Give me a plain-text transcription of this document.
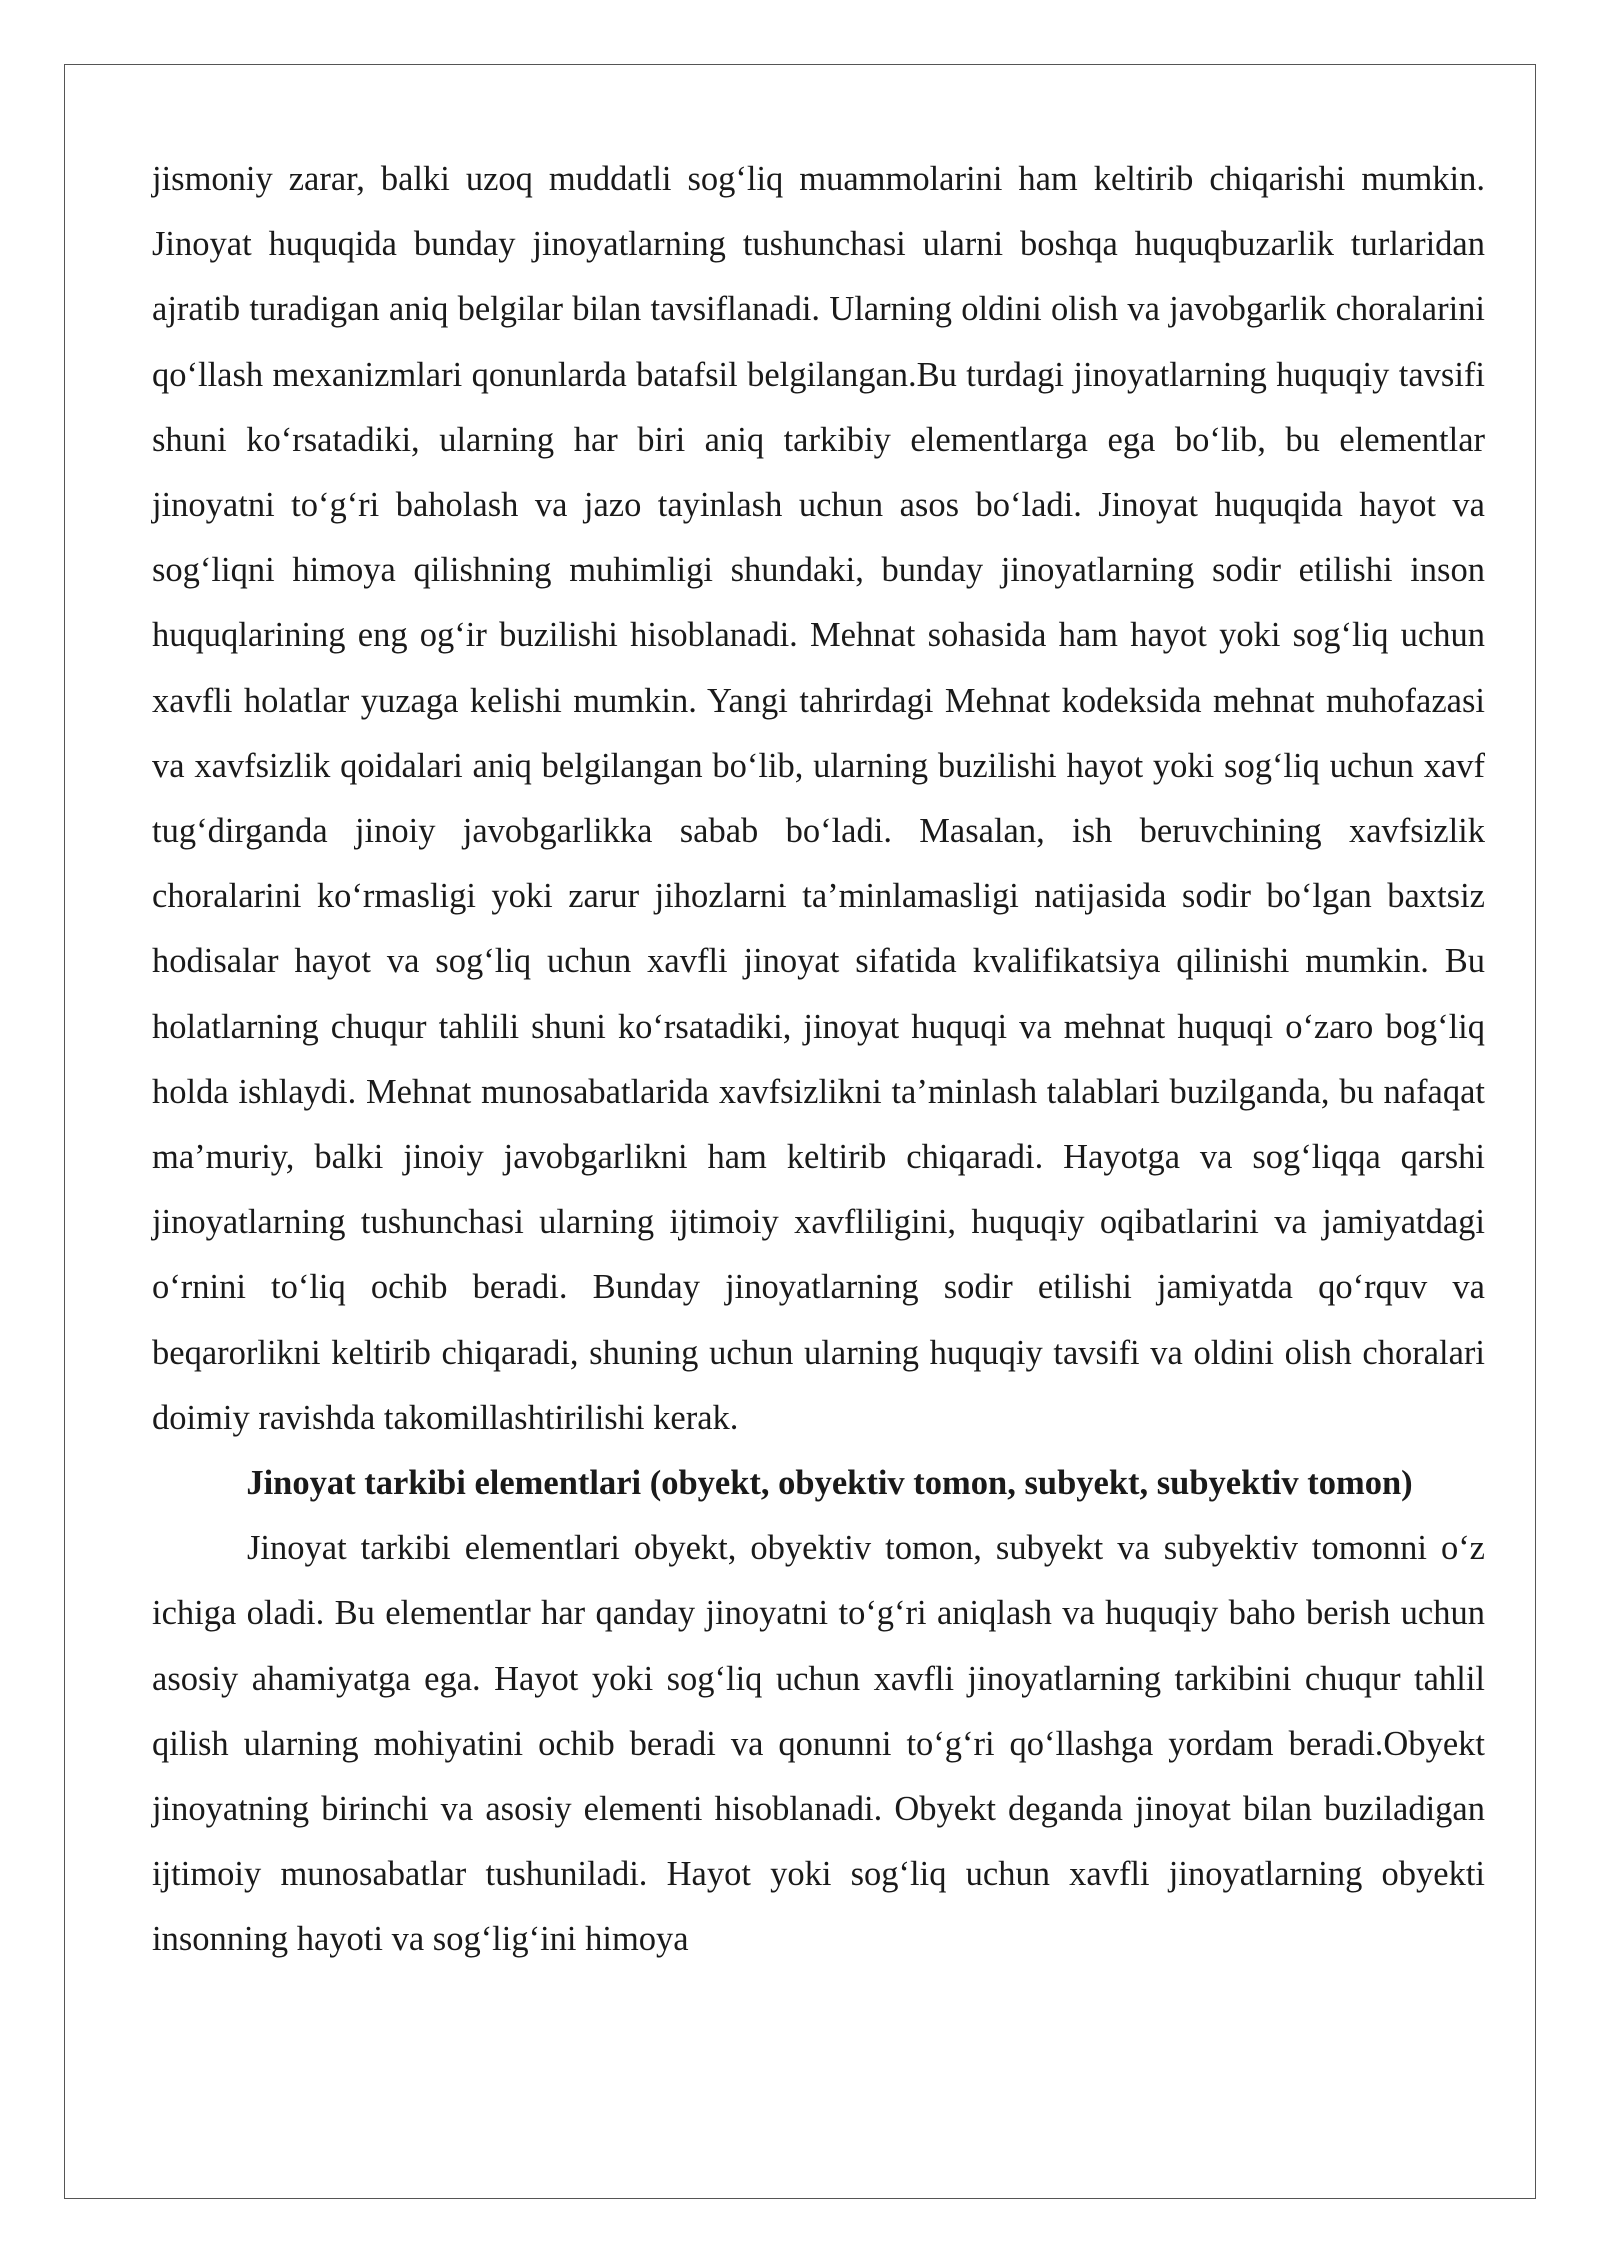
jismoniy zarar, balki uzoq muddatli sog‘liq muammolarini ham keltirib chiqarishi mumkin. Jinoyat huquqida bunday jinoyatlarning tushunchasi ularni boshqa huquqbuzarlik turlaridan ajratib turadigan aniq belgilar bilan tavsiflanadi. Ularning oldini olish va javobgarlik choralarini qo‘llash mexanizmlari qonunlarda batafsil belgilangan.Bu turdagi jinoyatlarning huquqiy tavsifi shuni ko‘rsatadiki, ularning har biri aniq tarkibiy elementlarga ega bo‘lib, bu elementlar jinoyatni to‘g‘ri baholash va jazo tayinlash uchun asos bo‘ladi. Jinoyat huquqida hayot va sog‘liqni himoya qilishning muhimligi shundaki, bunday jinoyatlarning sodir etilishi inson huquqlarining eng og‘ir buzilishi hisoblanadi. Mehnat sohasida ham hayot yoki sog‘liq uchun xavfli holatlar yuzaga kelishi mumkin. Yangi tahrirdagi Mehnat kodeksida mehnat muhofazasi va xavfsizlik qoidalari aniq belgilangan bo‘lib, ularning buzilishi hayot yoki sog‘liq uchun xavf tug‘dirganda jinoiy javobgarlikka sabab bo‘ladi. Masalan, ish beruvchining xavfsizlik choralarini ko‘rmasligi yoki zarur jihozlarni ta’minlamasligi natijasida sodir bo‘lgan baxtsiz hodisalar hayot va sog‘liq uchun xavfli jinoyat sifatida kvalifikatsiya qilinishi mumkin. Bu holatlarning chuqur tahlili shuni ko‘rsatadiki, jinoyat huquqi va mehnat huquqi o‘zaro bog‘liq holda ishlaydi. Mehnat munosabatlarida xavfsizlikni ta’minlash talablari buzilganda, bu nafaqat ma’muriy, balki jinoiy javobgarlikni ham keltirib chiqaradi. Hayotga va sog‘liqqa qarshi jinoyatlarning tushunchasi ularning ijtimoiy xavfliligini, huquqiy oqibatlarini va jamiyatdagi o‘rnini to‘liq ochib beradi. Bunday jinoyatlarning sodir etilishi jamiyatda qo‘rquv va beqarorlikni keltirib chiqaradi, shuning uchun ularning huquqiy tavsifi va oldini olish choralari doimiy ravishda takomillashtirilishi kerak.

Jinoyat tarkibi elementlari (obyekt, obyektiv tomon, subyekt, subyektiv tomon)

Jinoyat tarkibi elementlari obyekt, obyektiv tomon, subyekt va subyektiv tomonni o‘z ichiga oladi. Bu elementlar har qanday jinoyatni to‘g‘ri aniqlash va huquqiy baho berish uchun asosiy ahamiyatga ega. Hayot yoki sog‘liq uchun xavfli jinoyatlarning tarkibini chuqur tahlil qilish ularning mohiyatini ochib beradi va qonunni to‘g‘ri qo‘llashga yordam beradi.Obyekt jinoyatning birinchi va asosiy elementi hisoblanadi. Obyekt deganda jinoyat bilan buziladigan ijtimoiy munosabatlar tushuniladi. Hayot yoki sog‘liq uchun xavfli jinoyatlarning obyekti insonning hayoti va sog‘lig‘ini himoya
